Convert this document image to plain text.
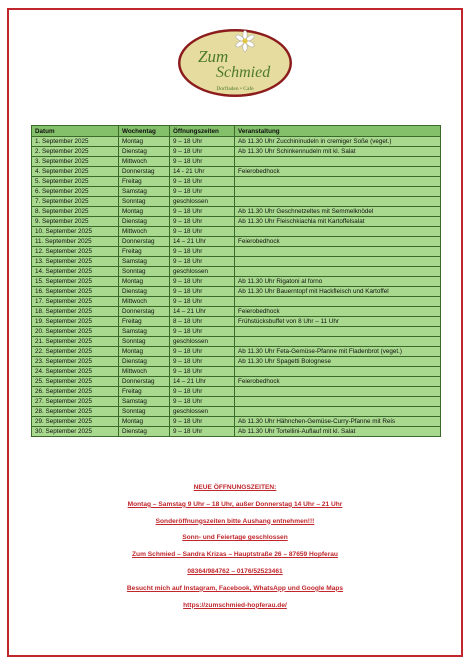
Zum
Schmied
Dorfladen • Cafe
Datum	Wochentag	Öffnungszeiten	Veranstaltung
1. September 2025	Montag	9 – 18 Uhr	Ab 11.30 Uhr Zucchininudeln in cremiger Soße (veget.)
2. September 2025	Dienstag	9 – 18 Uhr	Ab 11.30 Uhr Schinkennudeln mit kl. Salat
3. September 2025	Mittwoch	9 – 18 Uhr	
4. September 2025	Donnerstag	14 - 21 Uhr	Feierobedhock
5. September 2025	Freitag	9 – 18 Uhr	
6. September 2025	Samstag	9 – 18 Uhr	
7. September 2025	Sonntag	geschlossen	
8. September 2025	Montag	9 – 18 Uhr	Ab 11.30 Uhr Geschnetzeltes mit Semmelknödel
9. September 2025	Dienstag	9 – 18 Uhr	Ab 11.30 Uhr Fleischkiachla mit Kartoffelsalat
10. September 2025	Mittwoch	9 – 18 Uhr	
11. September 2025	Donnerstag	14 – 21 Uhr	Feierobedhock
12. September 2025	Freitag	9 – 18 Uhr	
13. September 2025	Samstag	9 – 18 Uhr	
14. September 2025	Sonntag	geschlossen	
15. September 2025	Montag	9 – 18 Uhr	Ab 11.30 Uhr Rigatoni al forno
16. September 2025	Dienstag	9 – 18 Uhr	Ab 11.30 Uhr Bauerntopf mit Hackfleisch und Kartoffel
17. September 2025	Mittwoch	9 – 18 Uhr	
18. September 2025	Donnerstag	14 – 21 Uhr	Feierobedhock
19. September 2025	Freitag	8 – 18 Uhr	Frühstücksbuffet von 8 Uhr – 11 Uhr
20. September 2025	Samstag	9 – 18 Uhr	
21. September 2025	Sonntag	geschlossen	
22. September 2025	Montag	9 – 18 Uhr	Ab 11.30 Uhr Feta-Gemüse-Pfanne mit Fladenbrot (veget.)
23. September 2025	Dienstag	9 – 18 Uhr	Ab 11.30 Uhr Spagetti Bolognese
24. September 2025	Mittwoch	9 – 18 Uhr	
25. September 2025	Donnerstag	14 – 21 Uhr	Feierobedhock
26. September 2025	Freitag	9 – 18 Uhr	
27. September 2025	Samstag	9 – 18 Uhr	
28. September 2025	Sonntag	geschlossen	
29. September 2025	Montag	9 – 18 Uhr	Ab 11.30 Uhr Hähnchen-Gemüse-Curry-Pfanne mit Reis
30. September 2025	Dienstag	9 – 18 Uhr	Ab 11.30 Uhr Tortellini-Auflauf mit kl. Salat
NEUE ÖFFNUNGSZEITEN:
Montag – Samstag 9 Uhr – 18 Uhr, außer Donnerstag 14 Uhr – 21 Uhr
Sonderöffnungszeiten bitte Aushang entnehmen!!!
Sonn- und Feiertage geschlossen
Zum Schmied – Sandra Krizas – Hauptstraße 26 – 87659 Hopferau
08364/984762 – 0176/52523461
Besucht mich auf Instagram, Facebook, WhatsApp und Google Maps
https://zumschmied-hopferau.de/
